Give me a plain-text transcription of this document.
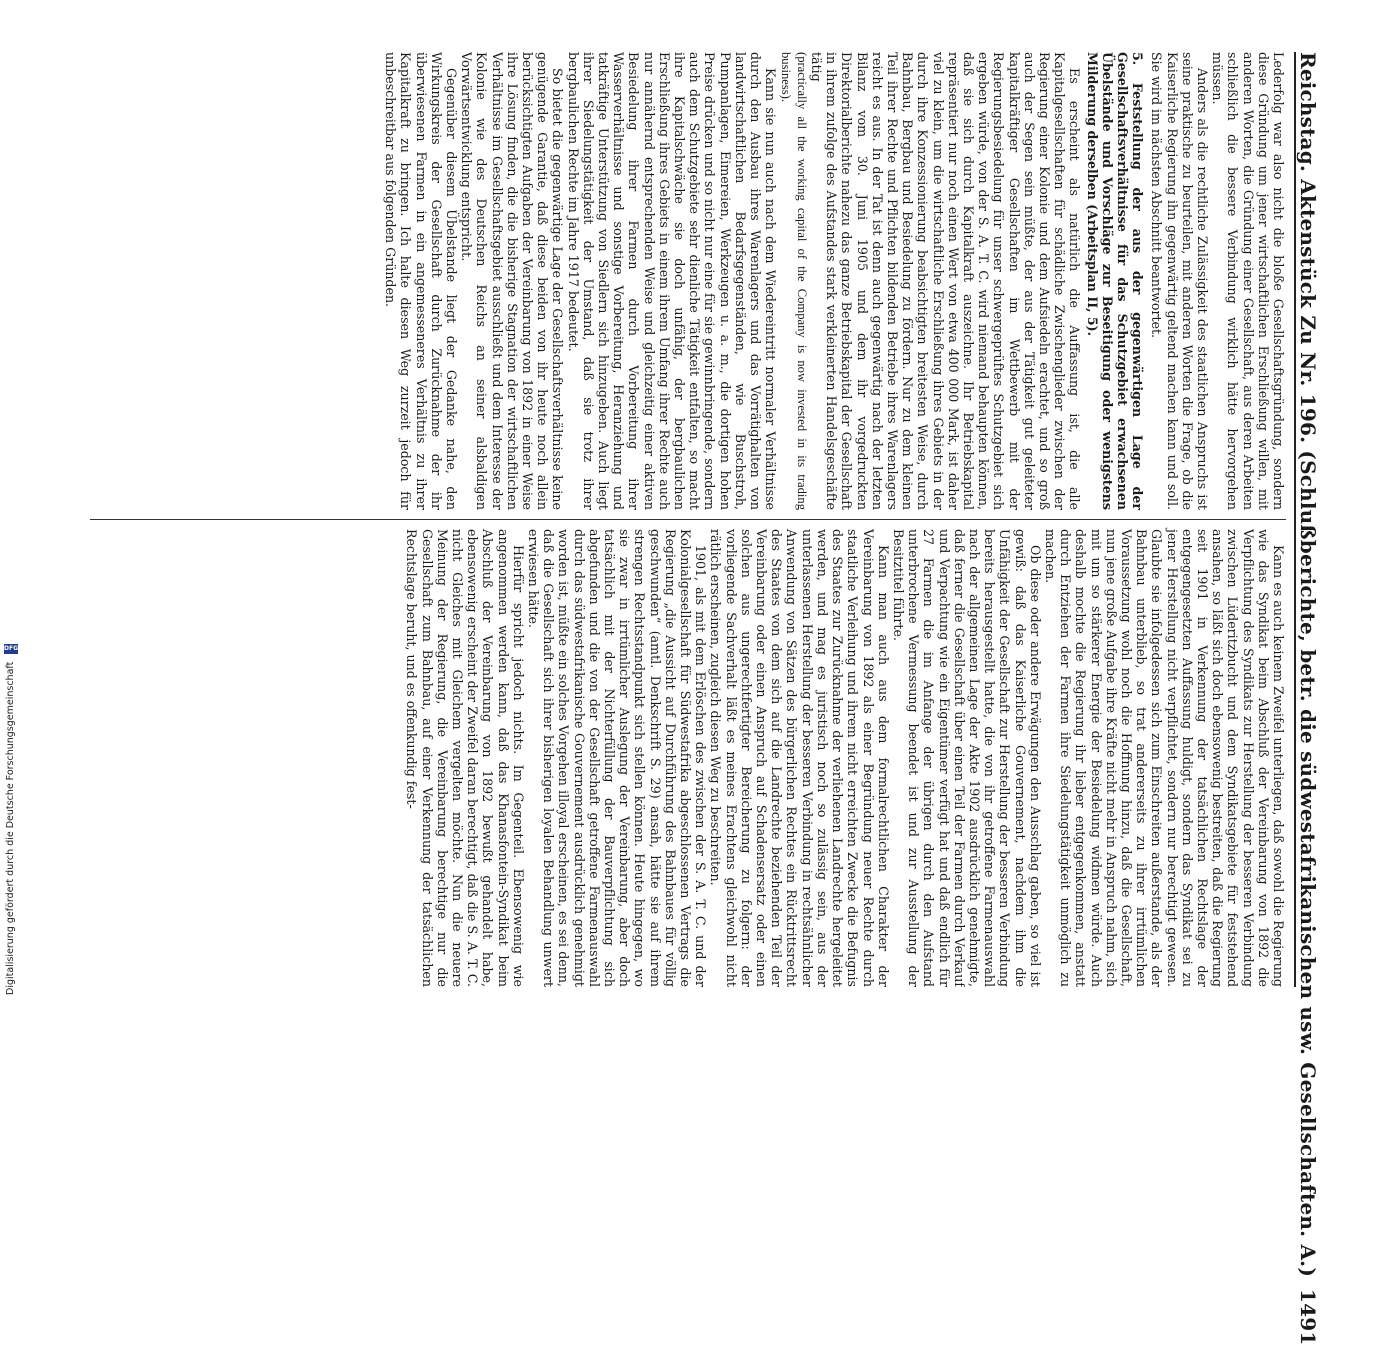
Reichstag. Aktenstück Zu Nr. 196. (Schlußberichte, betr. die südwestafrikanischen usw. Gesellschaften. A.)
1491

Lederfolg war also nicht die bloße Gesellschaftsgründung, sondern diese Gründung um jener wirtschaftlichen Erschließung willen, mit anderen Worten, die Gründung einer Gesellschaft, aus deren Arbeiten schließlich die bessere Verbindung wirklich hätte hervorgehen müssen.

Anders als die rechtliche Zulässigkeit des staatlichen Anspruchs ist seine praktische zu beurteilen, mit anderen Worten die Frage, ob die Kaiserliche Regierung ihn gegenwärtig geltend machen kann und soll. Sie wird im nächsten Abschnitt beantwortet.

5. Feststellung der aus der gegenwärtigen Lage der Gesellschaftsverhältnisse für das Schutzgebiet erwachsenen Übelstände und Vorschläge zur Beseitigung oder wenigstens Milderung derselben (Arbeitsplan II, 5).

Es erscheint als natürlich die Auffassung ist, die alle Kapitalgesellschaften für schädliche Zwischenglieder zwischen der Regierung einer Kolonie und dem Aufsiedeln erachtet, und so groß auch der Segen sein müßte, der aus der Tätigkeit gut geleiteter kapitalkräftiger Gesellschaften im Wettbewerb mit der Regierungsbesiedelung für unser schwergeprüftes Schutzgebiet sich ergeben würde, von der S. A. T. C. wird niemand behaupten können, daß sie sich durch Kapitalkraft auszeichne. Ihr Betriebskapital repräsentiert nur noch einen Wert von etwa 400 000 Mark, ist daher viel zu klein, um die wirtschaftliche Erschließung ihres Gebiets in der durch ihre Konzessionierung beabsichtigten breitesten Weise, durch Bahnbau, Bergbau und Besiedelung zu fördern. Nur zu dem kleinen Teil ihrer Rechte und Pflichten bildenden Betriebe ihres Warenlagers reicht es aus. In der Tat ist denn auch gegenwärtig nach der letzten Bilanz vom 30. Juni 1905 und dem ihr vorgedruckten Direktorialberichte nahezu das ganze Betriebskapital der Gesellschaft in ihrem zufolge des Aufstandes stark verkleinerten Handelsgeschäfte tätig

(practically all the working capital of the Company is now invested in its trading business).

Kann sie nun auch nach dem Wiedereintritt normaler Verhältnisse durch den Ausbau ihres Warenlagers und das Vorrätighalten von landwirtschaftlichen Bedarfsgegenständen, wie Buschstroh, Pumpanlagen, Eimereien, Werkzeugen u. a. m., die dortigen hohen Preise drücken und so nicht nur eine für sie gewinnbringende, sondern auch dem Schutzgebiete sehr dienliche Tätigkeit entfalten, so macht ihre Kapitalschwäche sie doch unfähig, der bergbaulichen Erschließung ihres Gebiets in einem ihrem Umfang ihrer Rechte auch nur annähernd entsprechenden Weise und gleichzeitig einer aktiven Besiedelung ihrer Farmen durch Vorbereitung ihrer Wasserverhältnisse und sonstige Vorbereitung, Heranziehung und tatkräftige Unterstützung von Siedlern sich hinzugeben. Auch liegt ihrer Siedelungstätigkeit der Umstand, daß sie trotz ihrer bergbaulichen Rechte im Jahre 1917 bedeutet.

So bietet die gegenwärtige Lage der Gesellschaftsverhältnisse keine genügende Garantie, daß diese beiden von ihr heute noch allein berücksichtigten Aufgaben der Vereinbarung von 1892 in einer Weise ihre Lösung finden, die die bisherige Stagnation der wirtschaftlichen Verhältnisse im Gesellschaftsgebiet ausschließt und dem Interesse der Kolonie wie des Deutschen Reichs an seiner alsbaldigen Vorwärtsentwicklung entspricht.

Gegenüber diesem Übelstande liegt der Gedanke nahe, den Wirkungskreis der Gesellschaft durch Zurücknahme der ihr überwiesenen Farmen in ein angemesseneres Verhältnis zu ihrer Kapitalkraft zu bringen. Ich halte diesen Weg zurzeit jedoch für unbeschreitbar aus folgenden Gründen.

Kann es auch keinem Zweifel unterliegen, daß sowohl die Regierung wie das Syndikat beim Abschluß der Vereinbarung von 1892 die Verpflichtung des Syndikats zur Herstellung der besseren Verbindung zwischen Lüderitzbucht und dem Syndikatsgebiete für feststehend ansahen, so läßt sich doch ebensowenig bestreiten, daß die Regierung seit 1901 in Verkennung der tatsächlichen Rechtslage der entgegengesetzten Auffassung huldigt, sondern das Syndikat sei zu jener Herstellung nicht verpflichtet, sondern nur berechtigt gewesen. Glaubte sie infolgedessen sich zum Einschreiten außerstande, als der Bahnbau unterblieb, so trat andererseits zu ihrer irrtümlichen Voraussetzung wohl noch die Hoffnung hinzu, daß die Gesellschaft, nun jene große Aufgabe ihre Kräfte nicht mehr in Anspruch nahm, sich mit um so stärkerer Energie der Besiedelung widmen würde. Auch deshalb mochte die Regierung ihr lieber entgegenkommen, anstatt durch Entziehen der Farmen ihre Siedelungstätigkeit unmöglich zu machen.

Ob diese oder andere Erwägungen den Ausschlag gaben, so viel ist gewiß: daß das Kaiserliche Gouvernement, nachdem ihm die Unfähigkeit der Gesellschaft zur Herstellung der besseren Verbindung bereits herausgestellt hatte, die von ihr getroffene Farmenauswahl nach der allgemeinen Lage der Akte 1902 ausdrücklich genehmigte, daß ferner die Gesellschaft über einen Teil der Farmen durch Verkauf und Verpachtung wie ein Eigentümer verfügt hat und daß endlich für 27 Farmen die im Anfange der übrigen durch den Aufstand unterbrochene Vermessung beendet ist und zur Ausstellung der Besitztitel führte.

Kann man auch aus dem formalrechtlichen Charakter der Vereinbarung von 1892 als einer Begründung neuer Rechte durch staatliche Verleihung und ihrem nicht erreichten Zwecke die Befugnis des Staates zur Zurücknahme der verliehenen Landrechte hergeleitet werden, und mag es juristisch noch so zulässig sein, aus der unterlassenen Herstellung der besseren Verbindung in rechtsähnlicher Anwendung von Sätzen des bürgerlichen Rechtes ein Rücktrittsrecht des Staates von dem sich auf die Landrechte beziehenden Teil der Vereinbarung oder einen Anspruch auf Schadensersatz oder einen solchen aus ungerechtfertigter Bereicherung zu folgern: der vorliegende Sachverhalt läßt es meines Erachtens gleichwohl nicht rätlich erscheinen, zugleich diesen Weg zu beschreiten.

1901, als mit dem Erlöschen des zwischen der S. A. T. C. und der Kolonialgesellschaft für Südwestafrika abgeschlossenen Vertrags die Regierung „die Aussicht auf Durchführung des Bahnbaues für völlig geschwunden“ (amtl. Denkschrift S. 29) ansah, hätte sie auf ihrem strengen Rechtsstandpunkt sich stellen können. Heute hingegen, wo sie zwar in irrtümlicher Auslegung der Vereinbarung, aber doch tatsächlich mit der Nichterfüllung der Bauverpflichtung sich abgefunden und die von der Gesellschaft getroffene Farmenauswahl durch das südwestafrikanische Gouvernement ausdrücklich genehmigt worden ist, müßte ein solches Vorgehen illoyal erscheinen, es sei denn, daß die Gesellschaft sich ihrer bisherigen loyalen Behandlung unwert erwiesen hätte.

Hierfür spricht jedoch nichts. Im Gegenteil. Ebensowenig wie angenommen werden kann, daß das Khanasfontein-Syndikat beim Abschluß der Vereinbarung von 1892 bewußt gehandelt habe, ebensowenig erscheint der Zweifel daran berechtigt, daß die S. A. T. C. nicht Gleiches mit Gleichem vergelten möchte. Nun die neuere Meinung der Regierung, die Vereinbarung berechtige nur die Gesellschaft zum Bahnbau, auf einer Verkennung der tatsächlichen Rechtslage beruht, und es offenkundig fest-

Digitalisierung gefördert durch die Deutsche Forschungsgemeinschaft
DFG
